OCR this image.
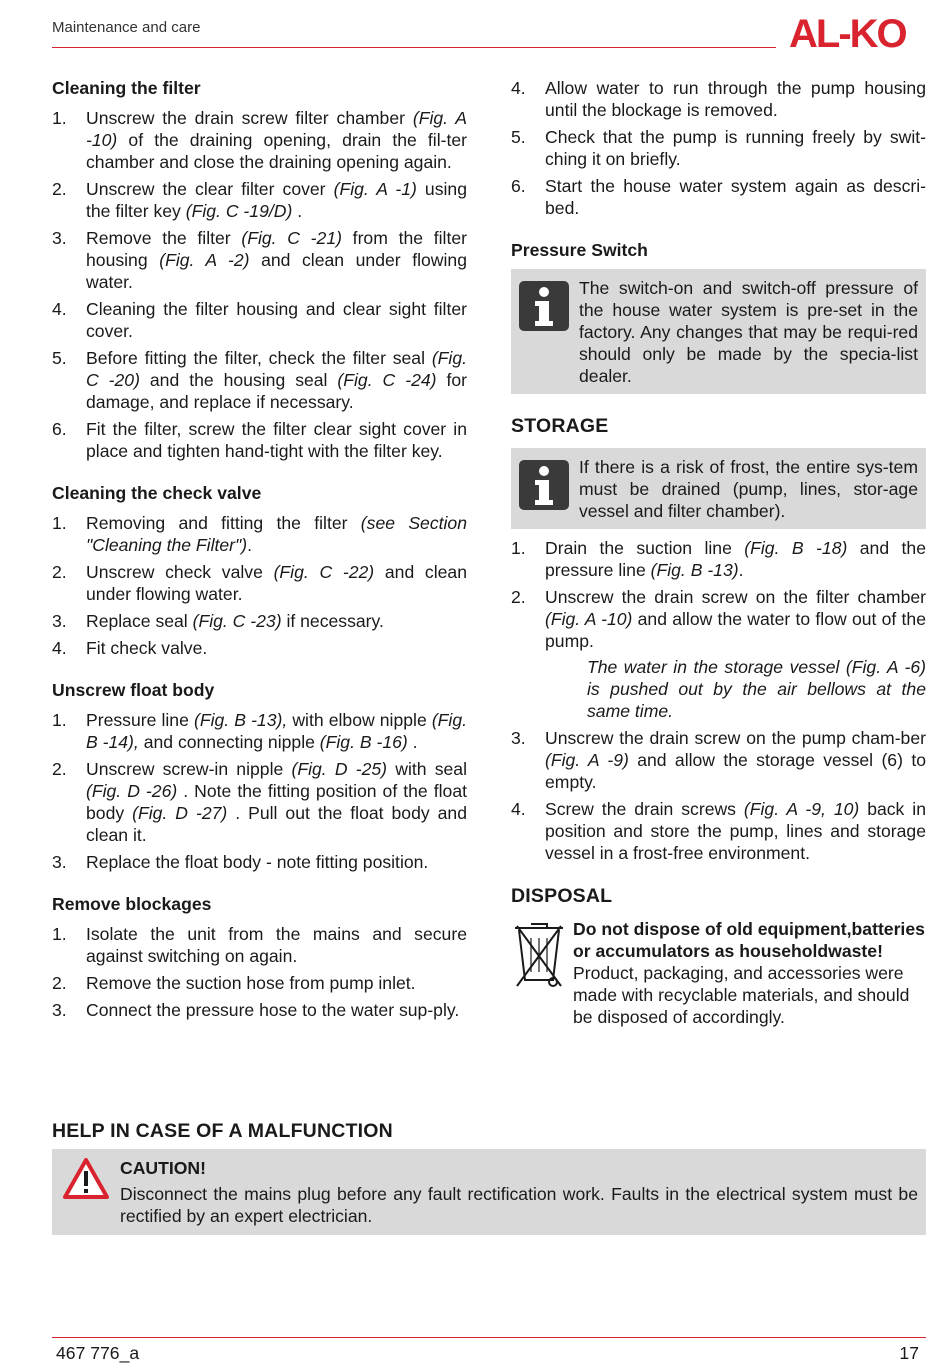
Maintenance and care	AL-KO
Cleaning the filter
1. Unscrew the drain screw filter chamber (Fig. A -10) of the draining opening, drain the fil-ter chamber and close the draining opening again.
2. Unscrew the clear filter cover (Fig. A -1) using the filter key (Fig. C -19/D) .
3. Remove the filter (Fig. C -21) from the filter housing (Fig. A -2) and clean under flowing water.
4. Cleaning the filter housing and clear sight filter cover.
5. Before fitting the filter, check the filter seal (Fig. C -20) and the housing seal (Fig. C -24) for damage, and replace if necessary.
6. Fit the filter, screw the filter clear sight cover in place and tighten hand-tight with the filter key.
Cleaning the check valve
1. Removing and fitting the filter (see Section "Cleaning the Filter").
2. Unscrew check valve (Fig. C -22) and clean under flowing water.
3. Replace seal (Fig. C -23) if necessary.
4. Fit check valve.
Unscrew float body
1. Pressure line (Fig. B -13), with elbow nipple (Fig. B -14), and connecting nipple (Fig. B -16) .
2. Unscrew screw-in nipple (Fig. D -25) with seal (Fig. D -26) . Note the fitting position of the float body (Fig. D -27) . Pull out the float body and clean it.
3. Replace the float body - note fitting position.
Remove blockages
1. Isolate the unit from the mains and secure against switching on again.
2. Remove the suction hose from pump inlet.
3. Connect the pressure hose to the water sup-ply.
4. Allow water to run through the pump housing until the blockage is removed.
5. Check that the pump is running freely by swit-ching it on briefly.
6. Start the house water system again as descri-bed.
Pressure Switch
The switch-on and switch-off pressure of the house water system is pre-set in the factory. Any changes that may be requi-red should only be made by the specia-list dealer.
STORAGE
If there is a risk of frost, the entire sys-tem must be drained (pump, lines, stor-age vessel and filter chamber).
1. Drain the suction line (Fig. B -18) and the pressure line (Fig. B -13).
2. Unscrew the drain screw on the filter chamber (Fig. A -10) and allow the water to flow out of the pump.
The water in the storage vessel (Fig. A -6) is pushed out by the air bellows at the same time.
3. Unscrew the drain screw on the pump cham-ber (Fig. A -9) and allow the storage vessel (6) to empty.
4. Screw the drain screws (Fig. A -9, 10) back in position and store the pump, lines and storage vessel in a frost-free environment.
DISPOSAL
Do not dispose of old equipment,batteries or accumulators as householdwaste!
Product, packaging, and accessories were made with recyclable materials, and should be disposed of accordingly.
HELP IN CASE OF A MALFUNCTION
CAUTION!
Disconnect the mains plug before any fault rectification work. Faults in the electrical system must be rectified by an expert electrician.
467 776_a	17
